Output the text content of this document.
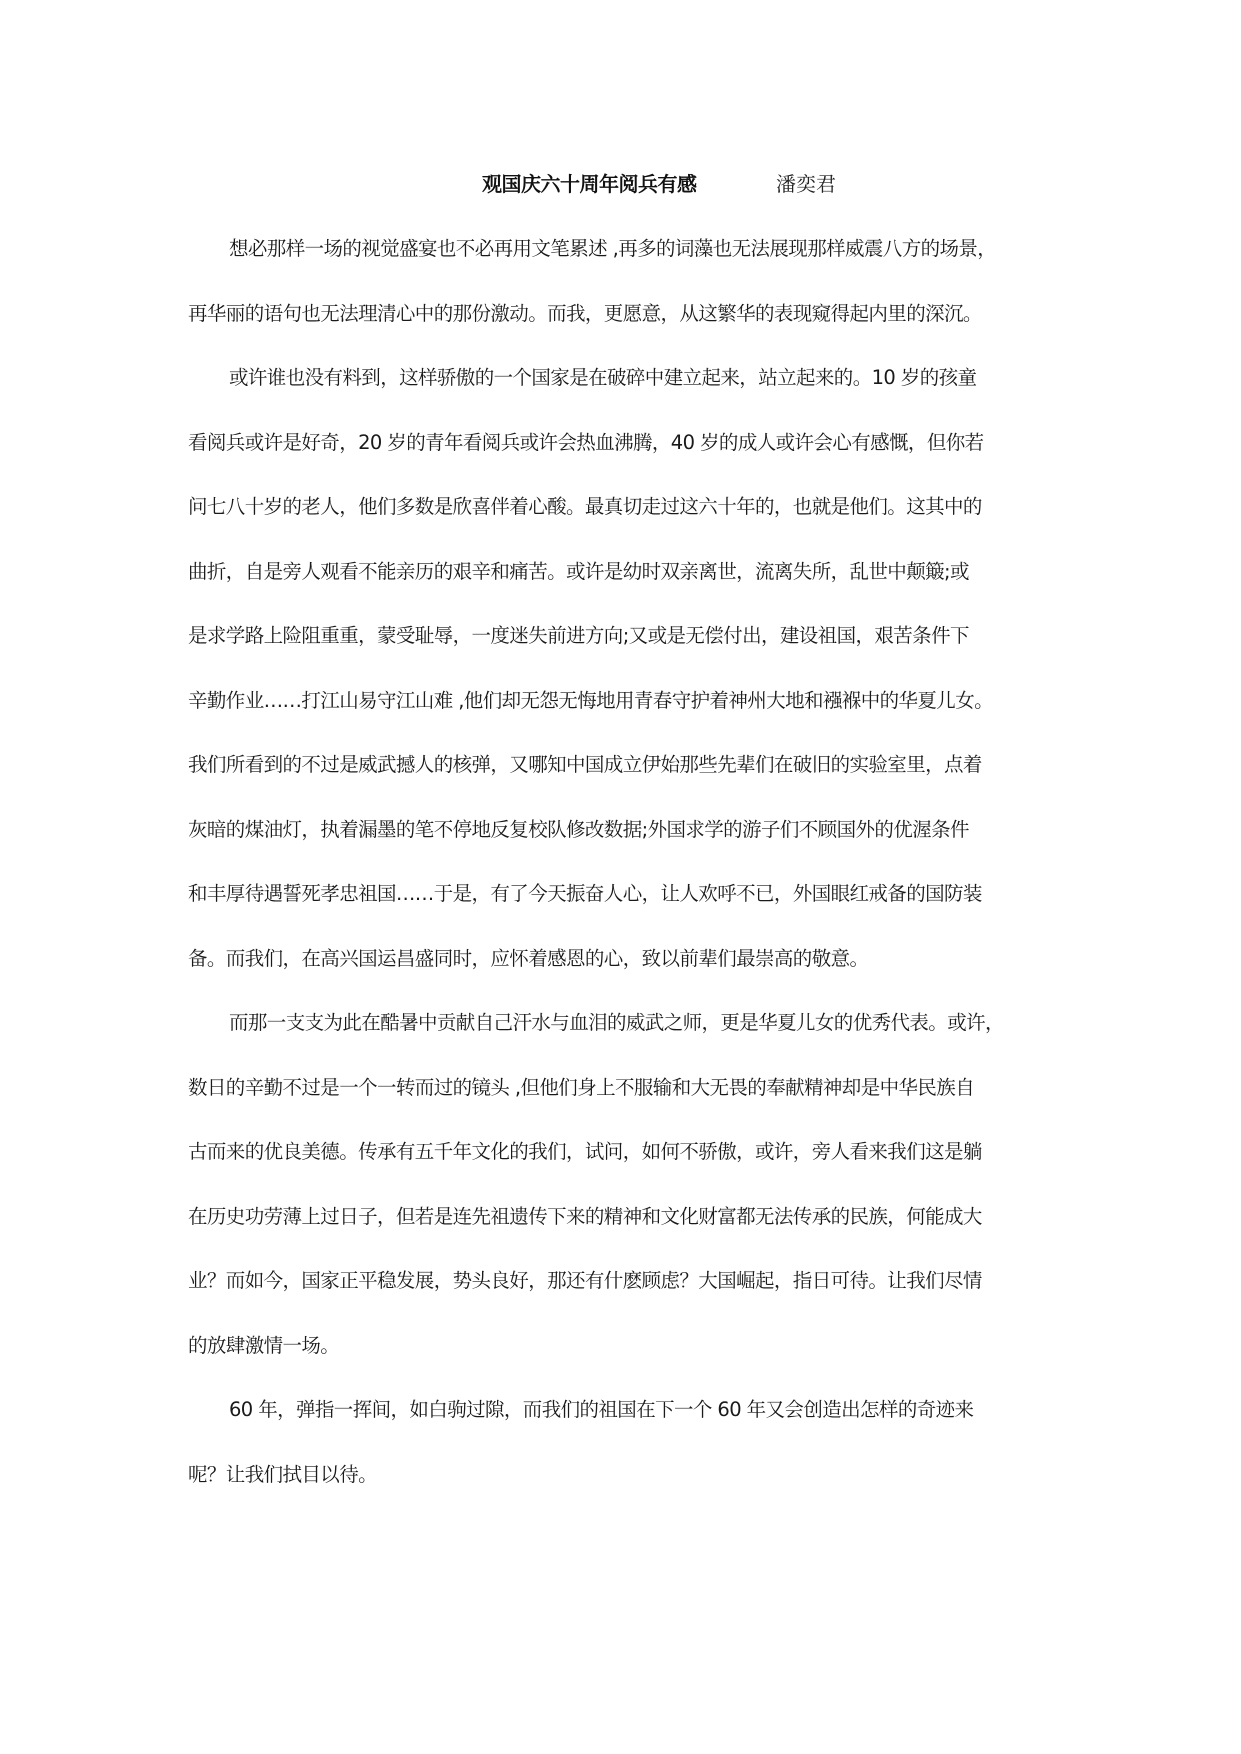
观国庆六十周年阅兵有感	潘奕君
想必那样一场的视觉盛宴也不必再用文笔累述 ,再多的词藻也无法展现那样威震八方的场景，
再华丽的语句也无法理清心中的那份激动。而我，更愿意，从这繁华的表现窥得起内里的深沉。
或许谁也没有料到，这样骄傲的一个国家是在破碎中建立起来，站立起来的。10 岁的孩童
看阅兵或许是好奇，20 岁的青年看阅兵或许会热血沸腾，40 岁的成人或许会心有感慨，但你若
问七八十岁的老人，他们多数是欣喜伴着心酸。最真切走过这六十年的，也就是他们。这其中的
曲折，自是旁人观看不能亲历的艰辛和痛苦。或许是幼时双亲离世，流离失所，乱世中颠簸;或
是求学路上险阻重重，蒙受耻辱，一度迷失前进方向;又或是无偿付出，建设祖国，艰苦条件下
辛勤作业……打江山易守江山难 ,他们却无怨无悔地用青春守护着神州大地和襁褓中的华夏儿女。
我们所看到的不过是威武撼人的核弹，又哪知中国成立伊始那些先辈们在破旧的实验室里，点着
灰暗的煤油灯，执着漏墨的笔不停地反复校队修改数据;外国求学的游子们不顾国外的优渥条件
和丰厚待遇誓死孝忠祖国……于是，有了今天振奋人心，让人欢呼不已，外国眼红戒备的国防装
备。而我们，在高兴国运昌盛同时，应怀着感恩的心，致以前辈们最崇高的敬意。
而那一支支为此在酷暑中贡献自己汗水与血泪的威武之师，更是华夏儿女的优秀代表。或许，
数日的辛勤不过是一个一转而过的镜头 ,但他们身上不服输和大无畏的奉献精神却是中华民族自
古而来的优良美德。传承有五千年文化的我们，试问，如何不骄傲，或许，旁人看来我们这是躺
在历史功劳薄上过日子，但若是连先祖遗传下来的精神和文化财富都无法传承的民族，何能成大
业？而如今，国家正平稳发展，势头良好，那还有什麽顾虑？大国崛起，指日可待。让我们尽情
的放肆激情一场。
60 年，弹指一挥间，如白驹过隙，而我们的祖国在下一个 60 年又会创造出怎样的奇迹来
呢？让我们拭目以待。
